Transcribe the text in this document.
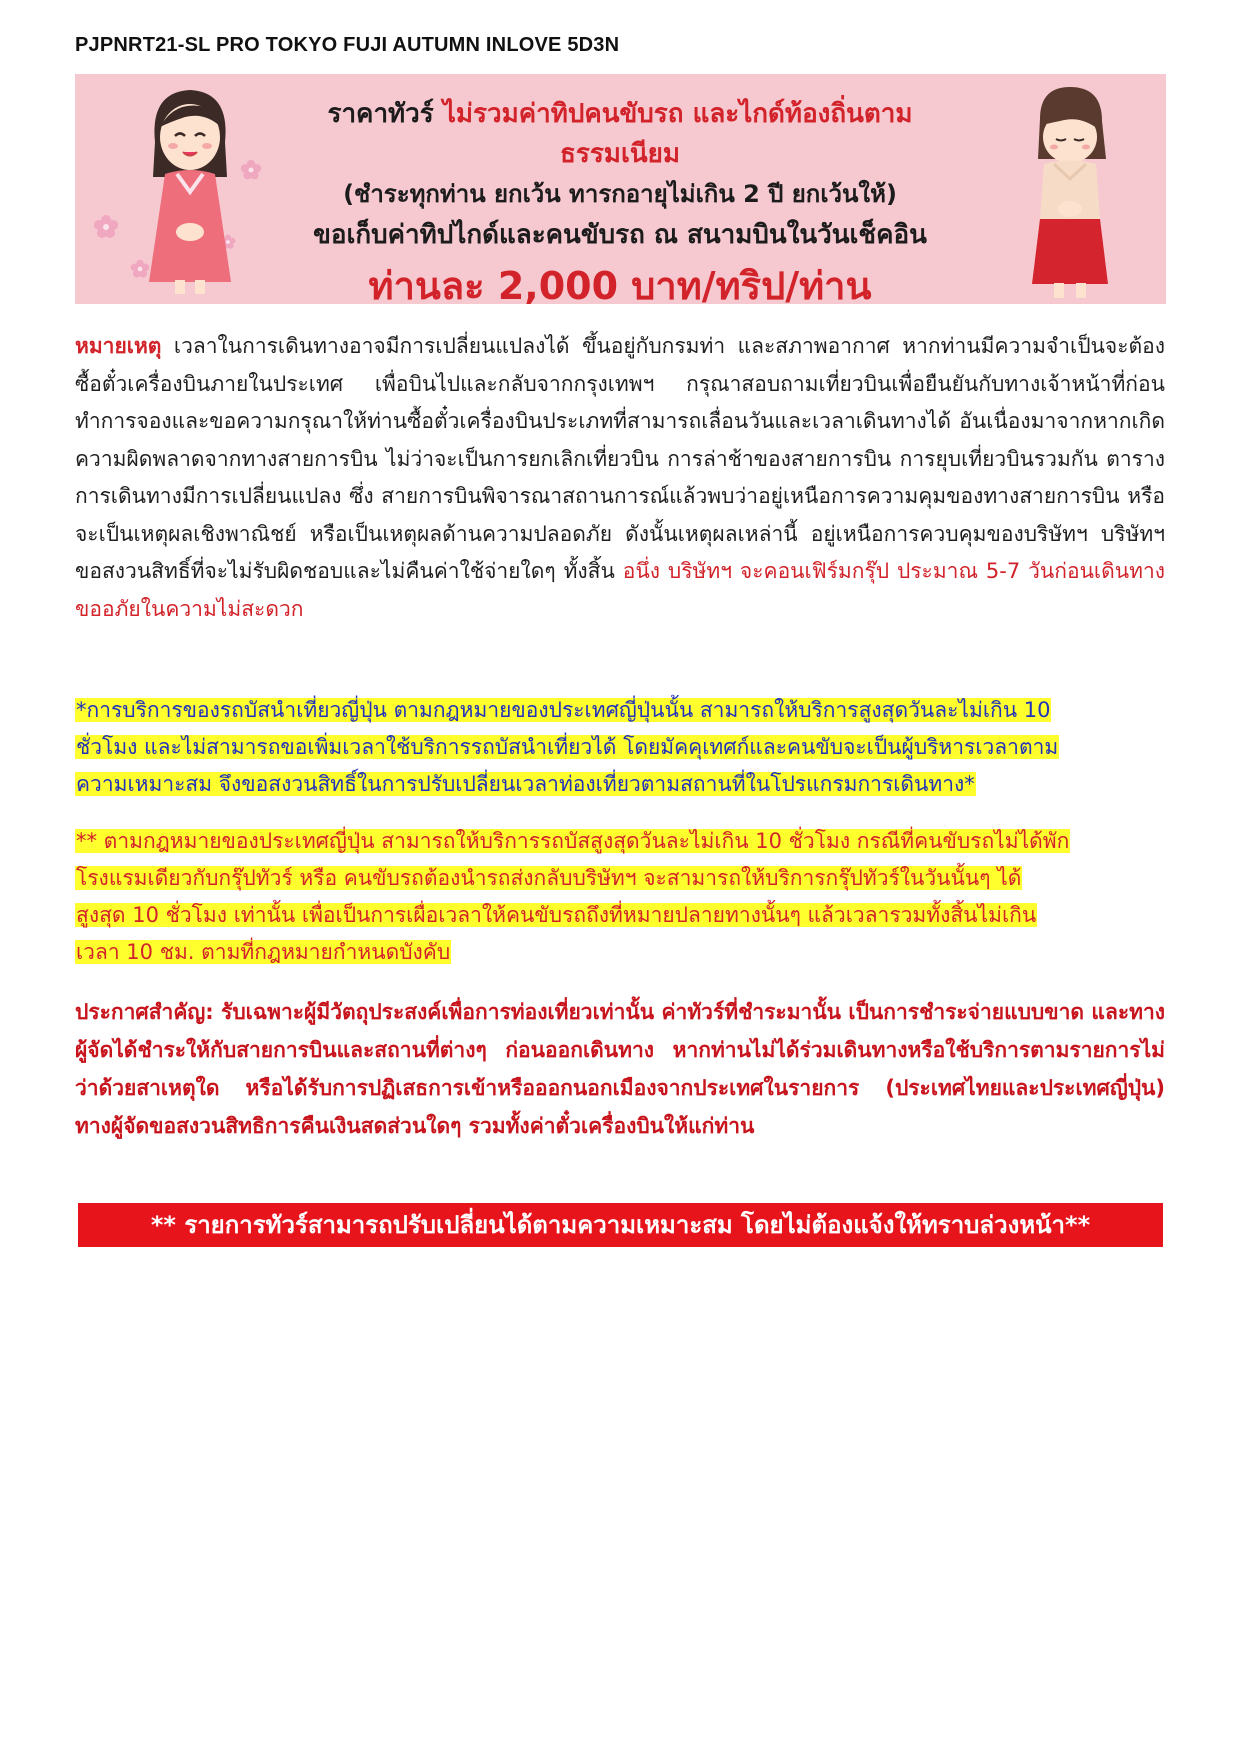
PJPNRT21-SL PRO TOKYO FUJI AUTUMN INLOVE 5D3N
ราคาทัวร์ ไม่รวมค่าทิปคนขับรถ และไกด์ท้องถิ่นตามธรรมเนียม
(ชำระทุกท่าน ยกเว้น ทารกอายุไม่เกิน 2 ปี ยกเว้นให้)
ขอเก็บค่าทิปไกด์และคนขับรถ ณ สนามบินในวันเช็คอิน
ท่านละ 2,000 บาท/ทริป/ท่าน
หมายเหตุ เวลาในการเดินทางอาจมีการเปลี่ยนแปลงได้ ขึ้นอยู่กับกรมท่า และสภาพอากาศ หากท่านมีความจำเป็นจะต้องซื้อตั๋วเครื่องบินภายในประเทศ เพื่อบินไปและกลับจากกรุงเทพฯ กรุณาสอบถามเที่ยวบินเพื่อยืนยันกับทางเจ้าหน้าที่ก่อนทำการจองและขอความกรุณาให้ท่านซื้อตั๋วเครื่องบินประเภทที่สามารถเลื่อนวันและเวลาเดินทางได้ อันเนื่องมาจากหากเกิดความผิดพลาดจากทางสายการบิน ไม่ว่าจะเป็นการยกเลิกเที่ยวบิน การล่าช้าของสายการบิน การยุบเที่ยวบินรวมกัน ตารางการเดินทางมีการเปลี่ยนแปลง ซึ่ง สายการบินพิจารณาสถานการณ์แล้วพบว่าอยู่เหนือการความคุมของทางสายการบิน หรือจะเป็นเหตุผลเชิงพาณิชย์ หรือเป็นเหตุผลด้านความปลอดภัย ดังนั้นเหตุผลเหล่านี้ อยู่เหนือการควบคุมของบริษัทฯ บริษัทฯ ขอสงวนสิทธิ์ที่จะไม่รับผิดชอบและไม่คืนค่าใช้จ่ายใดๆ ทั้งสิ้น อนึ่ง บริษัทฯ จะคอนเฟิร์มกรุ๊ป ประมาณ 5-7 วันก่อนเดินทาง ขออภัยในความไม่สะดวก
*การบริการของรถบัสนำเที่ยวญี่ปุ่น ตามกฎหมายของประเทศญี่ปุ่นนั้น สามารถให้บริการสูงสุดวันละไม่เกิน 10
ชั่วโมง และไม่สามารถขอเพิ่มเวลาใช้บริการรถบัสนำเที่ยวได้ โดยมัคคุเทศก์และคนขับจะเป็นผู้บริหารเวลาตาม
ความเหมาะสม จึงขอสงวนสิทธิ์ในการปรับเปลี่ยนเวลาท่องเที่ยวตามสถานที่ในโปรแกรมการเดินทาง*
** ตามกฎหมายของประเทศญี่ปุ่น สามารถให้บริการรถบัสสูงสุดวันละไม่เกิน 10 ชั่วโมง กรณีที่คนขับรถไม่ได้พัก
โรงแรมเดียวกับกรุ๊ปทัวร์ หรือ คนขับรถต้องนำรถส่งกลับบริษัทฯ จะสามารถให้บริการกรุ๊ปทัวร์ในวันนั้นๆ ได้
สูงสุด 10 ชั่วโมง เท่านั้น เพื่อเป็นการเผื่อเวลาให้คนขับรถถึงที่หมายปลายทางนั้นๆ แล้วเวลารวมทั้งสิ้นไม่เกิน
เวลา 10 ชม. ตามที่กฎหมายกำหนดบังคับ
ประกาศสำคัญ: รับเฉพาะผู้มีวัตถุประสงค์เพื่อการท่องเที่ยวเท่านั้น ค่าทัวร์ที่ชำระมานั้น เป็นการชำระจ่ายแบบขาด และทางผู้จัดได้ชำระให้กับสายการบินและสถานที่ต่างๆ ก่อนออกเดินทาง หากท่านไม่ได้ร่วมเดินทางหรือใช้บริการตามรายการไม่ว่าด้วยสาเหตุใด หรือได้รับการปฏิเสธการเข้าหรือออกนอกเมืองจากประเทศในรายการ (ประเทศไทยและประเทศญี่ปุ่น) ทางผู้จัดขอสงวนสิทธิการคืนเงินสดส่วนใดๆ รวมทั้งค่าตั๋วเครื่องบินให้แก่ท่าน
** รายการทัวร์สามารถปรับเปลี่ยนได้ตามความเหมาะสม โดยไม่ต้องแจ้งให้ทราบล่วงหน้า**
